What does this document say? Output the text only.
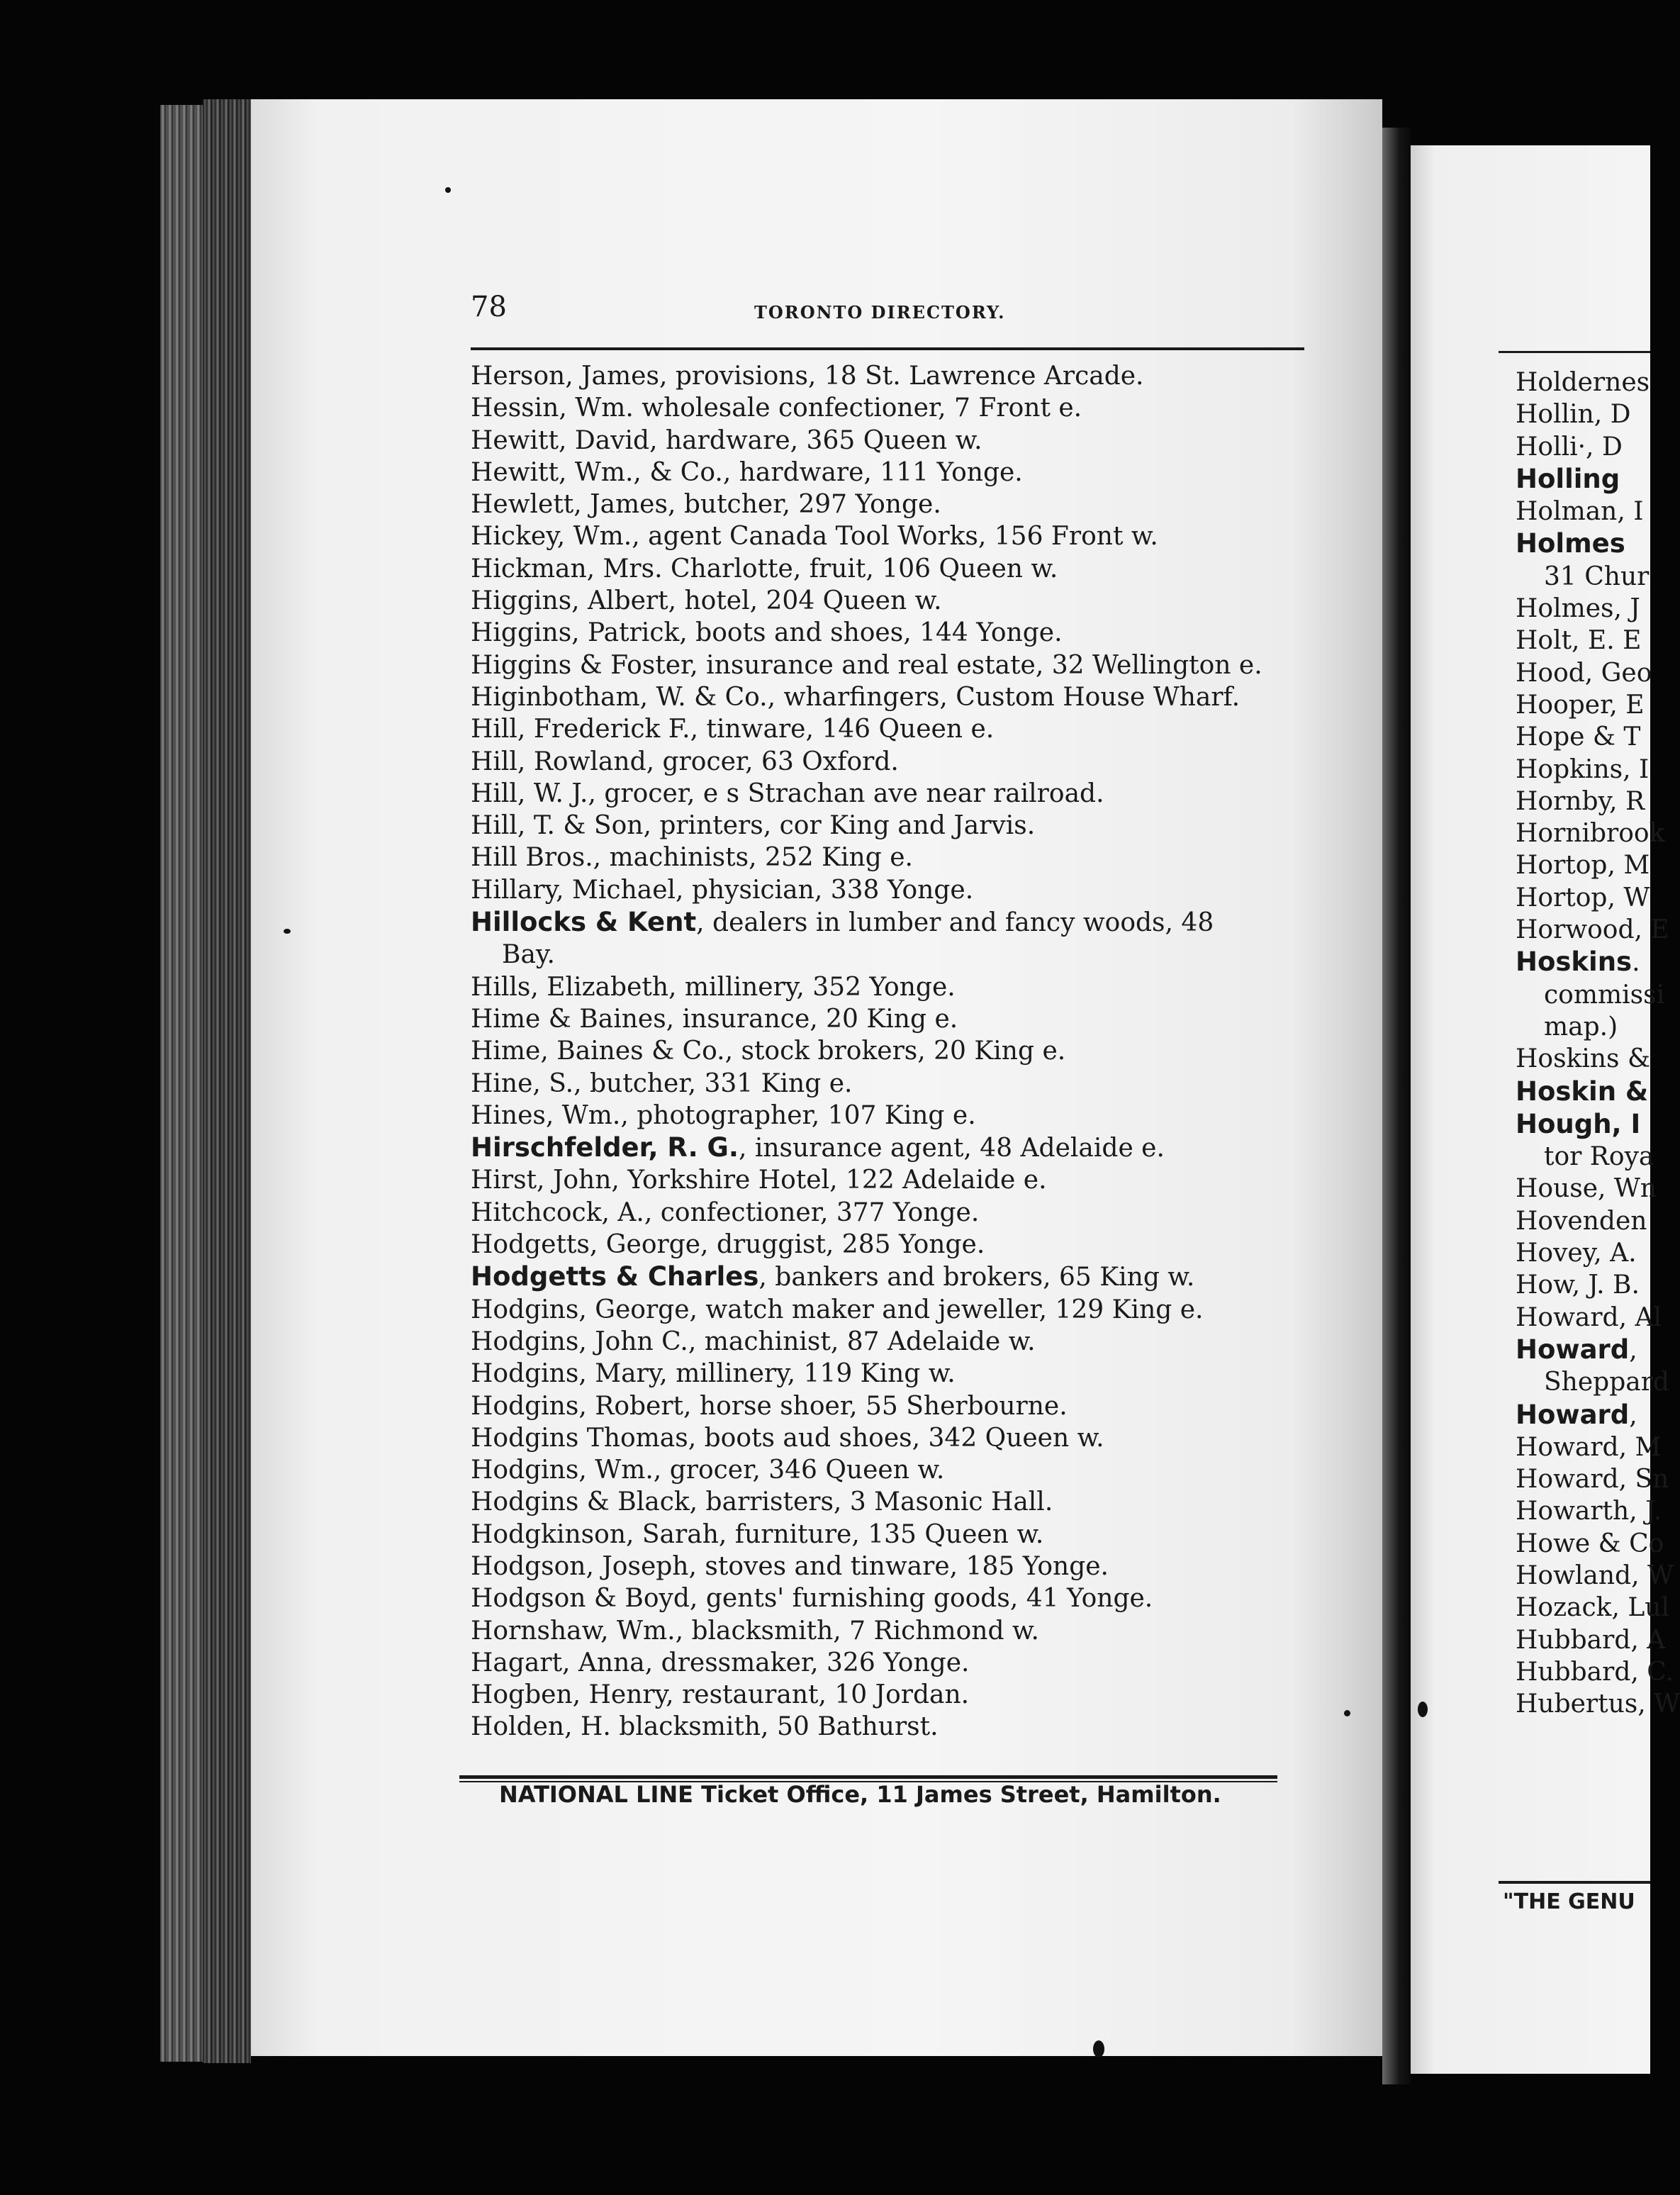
78	TORONTO DIRECTORY.
Herson, James, provisions, 18 St. Lawrence Arcade.
Hessin, Wm. wholesale confectioner, 7 Front e.
Hewitt, David, hardware, 365 Queen w.
Hewitt, Wm., & Co., hardware, 111 Yonge.
Hewlett, James, butcher, 297 Yonge.
Hickey, Wm., agent Canada Tool Works, 156 Front w.
Hickman, Mrs. Charlotte, fruit, 106 Queen w.
Higgins, Albert, hotel, 204 Queen w.
Higgins, Patrick, boots and shoes, 144 Yonge.
Higgins & Foster, insurance and real estate, 32 Wellington e.
Higinbotham, W. & Co., wharfingers, Custom House Wharf.
Hill, Frederick F., tinware, 146 Queen e.
Hill, Rowland, grocer, 63 Oxford.
Hill, W. J., grocer, e s Strachan ave near railroad.
Hill, T. & Son, printers, cor King and Jarvis.
Hill Bros., machinists, 252 King e.
Hillary, Michael, physician, 338 Yonge.
Hillocks & Kent, dealers in lumber and fancy woods, 48
Bay.
Hills, Elizabeth, millinery, 352 Yonge.
Hime & Baines, insurance, 20 King e.
Hime, Baines & Co., stock brokers, 20 King e.
Hine, S., butcher, 331 King e.
Hines, Wm., photographer, 107 King e.
Hirschfelder, R. G., insurance agent, 48 Adelaide e.
Hirst, John, Yorkshire Hotel, 122 Adelaide e.
Hitchcock, A., confectioner, 377 Yonge.
Hodgetts, George, druggist, 285 Yonge.
Hodgetts & Charles, bankers and brokers, 65 King w.
Hodgins, George, watch maker and jeweller, 129 King e.
Hodgins, John C., machinist, 87 Adelaide w.
Hodgins, Mary, millinery, 119 King w.
Hodgins, Robert, horse shoer, 55 Sherbourne.
Hodgins Thomas, boots aud shoes, 342 Queen w.
Hodgins, Wm., grocer, 346 Queen w.
Hodgins & Black, barristers, 3 Masonic Hall.
Hodgkinson, Sarah, furniture, 135 Queen w.
Hodgson, Joseph, stoves and tinware, 185 Yonge.
Hodgson & Boyd, gents' furnishing goods, 41 Yonge.
Hornshaw, Wm., blacksmith, 7 Richmond w.
Hagart, Anna, dressmaker, 326 Yonge.
Hogben, Henry, restaurant, 10 Jordan.
Holden, H. blacksmith, 50 Bathurst.
NATIONAL LINE Ticket Office, 11 James Street, Hamilton.
Holdernes
Hollin, D
Holli·, D
Holling
Holman, I
Holmes
31 Chur
Holmes, J
Holt, E. E
Hood, Geo
Hooper, E
Hope & T
Hopkins, I
Hornby, R
Hornibrook
Hortop, M
Hortop, W
Horwood, E
Hoskins.
commissi
map.)
Hoskins &
Hoskin &
Hough, I
tor Roya
House, Wn
Hovenden
Hovey, A.
How, J. B.
Howard, Al
Howard,
Sheppard
Howard,
Howard, M
Howard, Sn
Howarth, J.
Howe & Co
Howland, W
Hozack, Lul
Hubbard, A
Hubbard, C.
Hubertus, W
"THE GENU
